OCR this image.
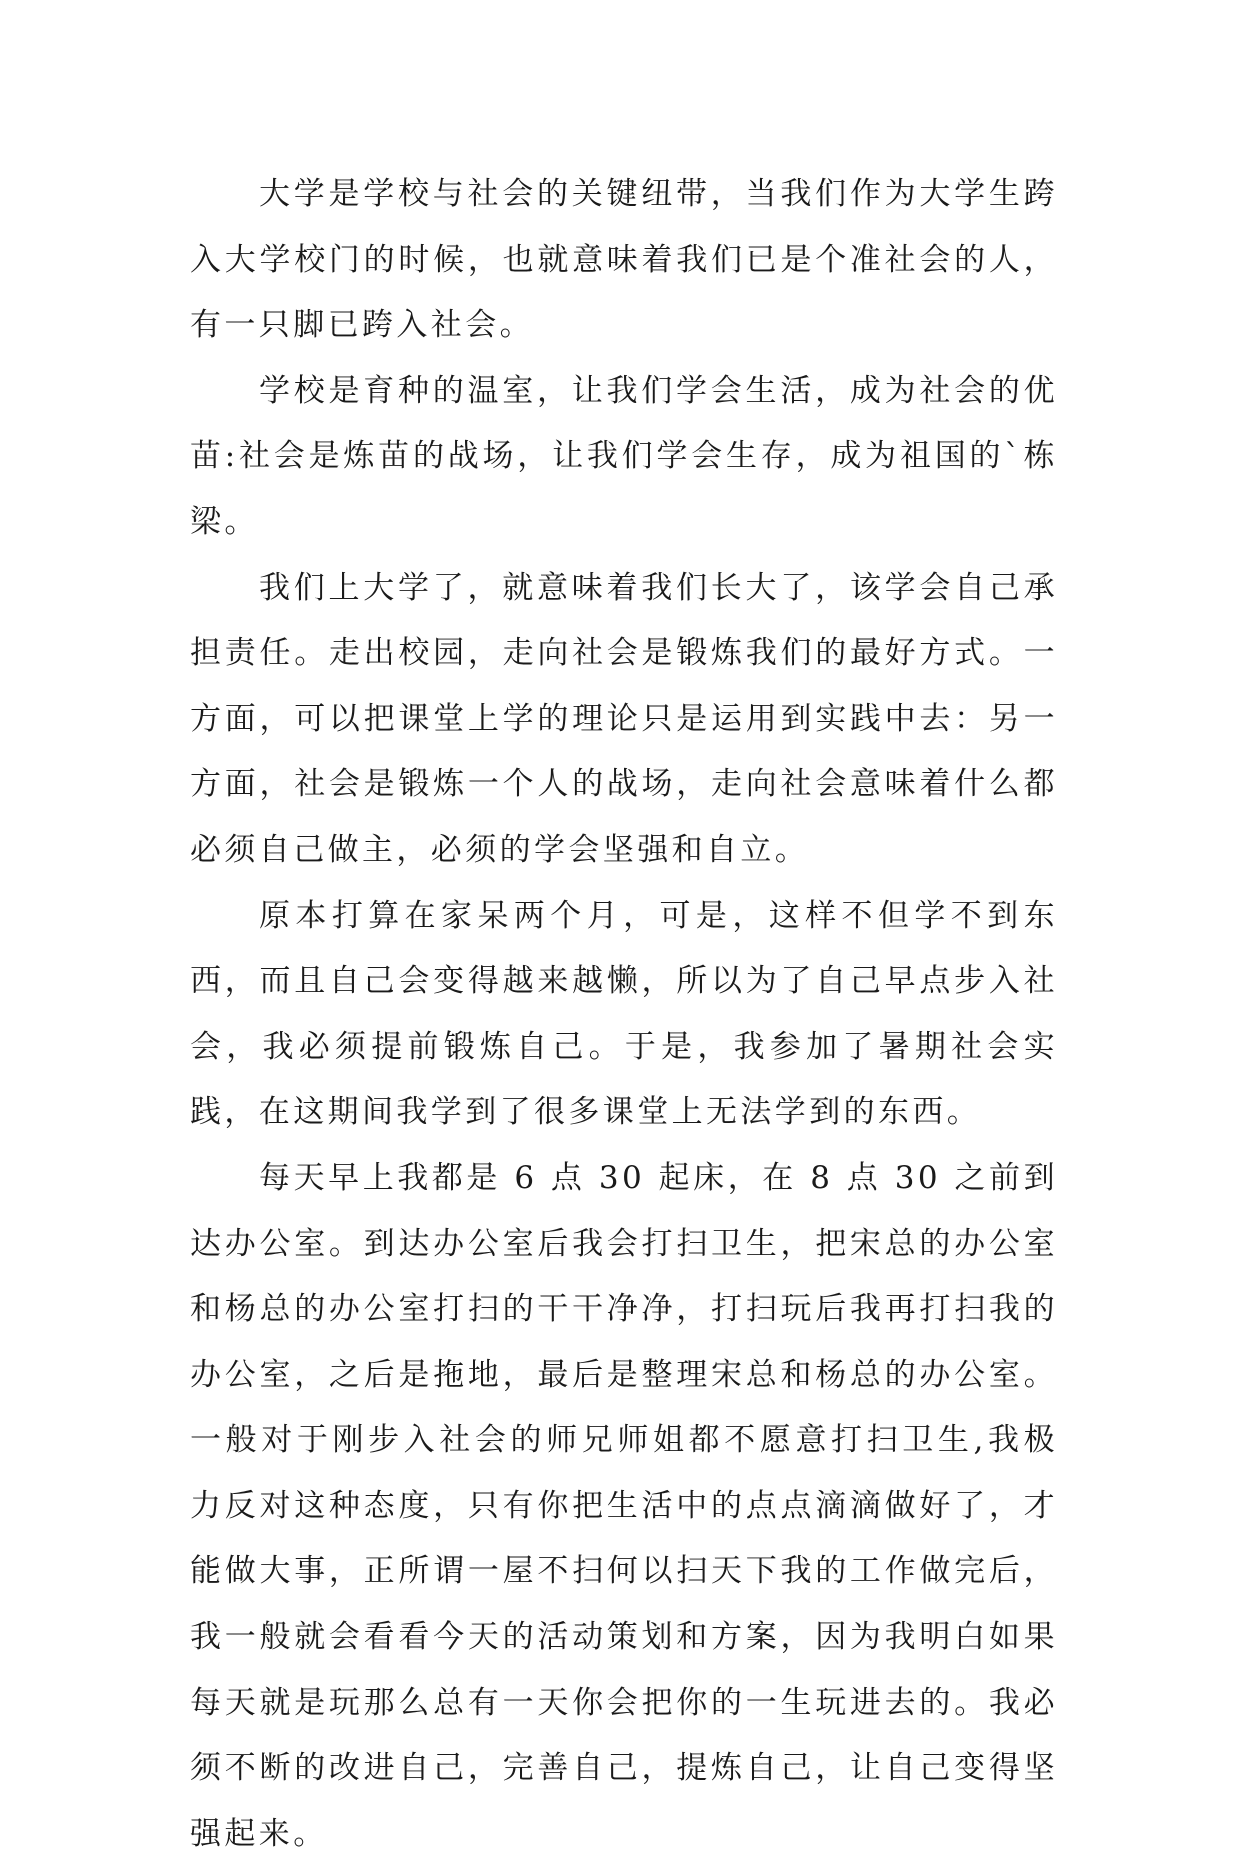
大学是学校与社会的关键纽带，当我们作为大学生跨入大学校门的时候，也就意味着我们已是个准社会的人，有一只脚已跨入社会。

学校是育种的温室，让我们学会生活，成为社会的优苗:社会是炼苗的战场，让我们学会生存，成为祖国的`栋梁。

我们上大学了，就意味着我们长大了，该学会自己承担责任。走出校园，走向社会是锻炼我们的最好方式。一方面，可以把课堂上学的理论只是运用到实践中去：另一方面，社会是锻炼一个人的战场，走向社会意味着什么都必须自己做主，必须的学会坚强和自立。

原本打算在家呆两个月，可是，这样不但学不到东西，而且自己会变得越来越懒，所以为了自己早点步入社会，我必须提前锻炼自己。于是，我参加了暑期社会实践，在这期间我学到了很多课堂上无法学到的东西。

每天早上我都是 6 点 30 起床，在 8 点 30 之前到达办公室。到达办公室后我会打扫卫生，把宋总的办公室和杨总的办公室打扫的干干净净，打扫玩后我再打扫我的办公室，之后是拖地，最后是整理宋总和杨总的办公室。一般对于刚步入社会的师兄师姐都不愿意打扫卫生,我极力反对这种态度，只有你把生活中的点点滴滴做好了，才能做大事，正所谓一屋不扫何以扫天下我的工作做完后，我一般就会看看今天的活动策划和方案，因为我明白如果每天就是玩那么总有一天你会把你的一生玩进去的。我必须不断的改进自己，完善自己，提炼自己，让自己变得坚强起来。
